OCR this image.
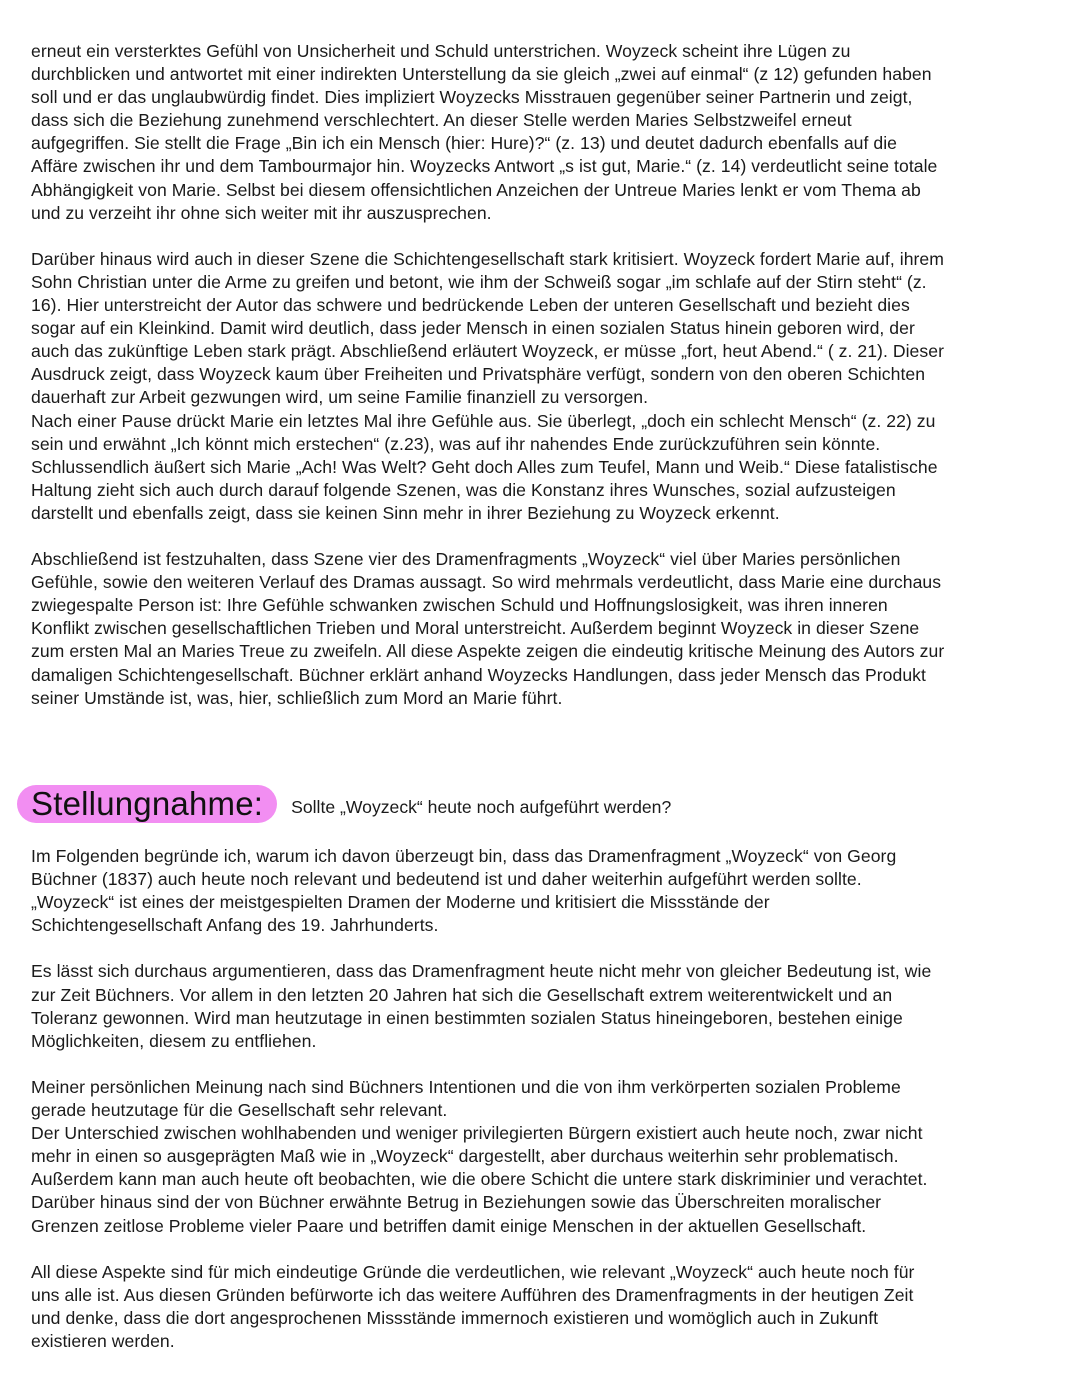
erneut ein versterktes Gefühl von Unsicherheit und Schuld unterstrichen. Woyzeck scheint ihre Lügen zu
durchblicken und antwortet mit einer indirekten Unterstellung da sie gleich „zwei auf einmal“ (z 12) gefunden haben
soll und er das unglaubwürdig findet. Dies impliziert Woyzecks Misstrauen gegenüber seiner Partnerin und zeigt,
dass sich die Beziehung zunehmend verschlechtert. An dieser Stelle werden Maries Selbstzweifel erneut
aufgegriffen. Sie stellt die Frage „Bin ich ein Mensch (hier: Hure)?“ (z. 13) und deutet dadurch ebenfalls auf die
Affäre zwischen ihr und dem Tambourmajor hin. Woyzecks Antwort „s ist gut, Marie.“ (z. 14) verdeutlicht seine totale
Abhängigkeit von Marie. Selbst bei diesem offensichtlichen Anzeichen der Untreue Maries lenkt er vom Thema ab
und zu verzeiht ihr ohne sich weiter mit ihr auszusprechen.
Darüber hinaus wird auch in dieser Szene die Schichtengesellschaft stark kritisiert. Woyzeck fordert Marie auf, ihrem
Sohn Christian unter die Arme zu greifen und betont, wie ihm der Schweiß sogar „im schlafe auf der Stirn steht“ (z.
16). Hier unterstreicht der Autor das schwere und bedrückende Leben der unteren Gesellschaft und bezieht dies
sogar auf ein Kleinkind. Damit wird deutlich, dass jeder Mensch in einen sozialen Status hinein geboren wird, der
auch das zukünftige Leben stark prägt. Abschließend erläutert Woyzeck, er müsse „fort, heut Abend.“ ( z. 21). Dieser
Ausdruck zeigt, dass Woyzeck kaum über Freiheiten und Privatsphäre verfügt, sondern von den oberen Schichten
dauerhaft zur Arbeit gezwungen wird, um seine Familie finanziell zu versorgen.
Nach einer Pause drückt Marie ein letztes Mal ihre Gefühle aus. Sie überlegt, „doch ein schlecht Mensch“ (z. 22) zu
sein und erwähnt „Ich könnt mich erstechen“ (z.23), was auf ihr nahendes Ende zurückzuführen sein könnte.
Schlussendlich äußert sich Marie „Ach! Was Welt? Geht doch Alles zum Teufel, Mann und Weib.“ Diese fatalistische
Haltung zieht sich auch durch darauf folgende Szenen, was die Konstanz ihres Wunsches, sozial aufzusteigen
darstellt und ebenfalls zeigt, dass sie keinen Sinn mehr in ihrer Beziehung zu Woyzeck erkennt.
Abschließend ist festzuhalten, dass Szene vier des Dramenfragments „Woyzeck“ viel über Maries persönlichen
Gefühle, sowie den weiteren Verlauf des Dramas aussagt. So wird mehrmals verdeutlicht, dass Marie eine durchaus
zwiegespalte Person ist: Ihre Gefühle schwanken zwischen Schuld und Hoffnungslosigkeit, was ihren inneren
Konflikt zwischen gesellschaftlichen Trieben und Moral unterstreicht. Außerdem beginnt Woyzeck in dieser Szene
zum ersten Mal an Maries Treue zu zweifeln. All diese Aspekte zeigen die eindeutig kritische Meinung des Autors zur
damaligen Schichtengesellschaft. Büchner erklärt anhand Woyzecks Handlungen, dass jeder Mensch das Produkt
seiner Umstände ist, was, hier, schließlich zum Mord an Marie führt.
Stellungnahme:	Sollte „Woyzeck“ heute noch aufgeführt werden?
Im Folgenden begründe ich, warum ich davon überzeugt bin, dass das Dramenfragment „Woyzeck“ von Georg
Büchner (1837) auch heute noch relevant und bedeutend ist und daher weiterhin aufgeführt werden sollte.
„Woyzeck“ ist eines der meistgespielten Dramen der Moderne und kritisiert die Missstände der
Schichtengesellschaft Anfang des 19. Jahrhunderts.
Es lässt sich durchaus argumentieren, dass das Dramenfragment heute nicht mehr von gleicher Bedeutung ist, wie
zur Zeit Büchners. Vor allem in den letzten 20 Jahren hat sich die Gesellschaft extrem weiterentwickelt und an
Toleranz gewonnen. Wird man heutzutage in einen bestimmten sozialen Status hineingeboren, bestehen einige
Möglichkeiten, diesem zu entfliehen.
Meiner persönlichen Meinung nach sind Büchners Intentionen und die von ihm verkörperten sozialen Probleme
gerade heutzutage für die Gesellschaft sehr relevant.
Der Unterschied zwischen wohlhabenden und weniger privilegierten Bürgern existiert auch heute noch, zwar nicht
mehr in einen so ausgeprägten Maß wie in „Woyzeck“ dargestellt, aber durchaus weiterhin sehr problematisch.
Außerdem kann man auch heute oft beobachten, wie die obere Schicht die untere stark diskriminier und verachtet.
Darüber hinaus sind der von Büchner erwähnte Betrug in Beziehungen sowie das Überschreiten moralischer
Grenzen zeitlose Probleme vieler Paare und betriffen damit einige Menschen in der aktuellen Gesellschaft.
All diese Aspekte sind für mich eindeutige Gründe die verdeutlichen, wie relevant „Woyzeck“ auch heute noch für
uns alle ist. Aus diesen Gründen befürworte ich das weitere Aufführen des Dramenfragments in der heutigen Zeit
und denke, dass die dort angesprochenen Missstände immernoch existieren und womöglich auch in Zukunft
existieren werden.
